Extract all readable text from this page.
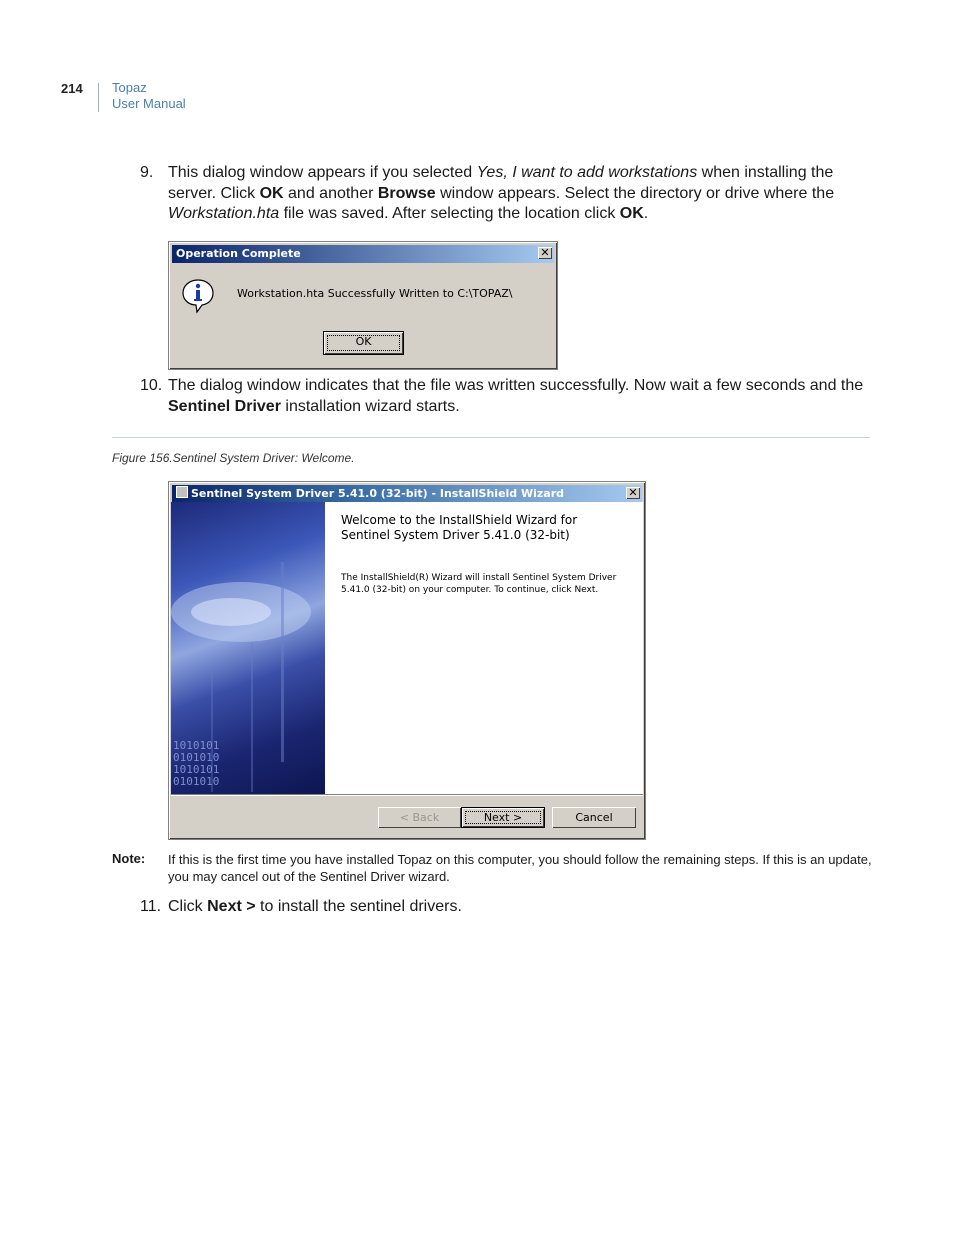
214 Topaz
User Manual
9. This dialog window appears if you selected Yes, I want to add workstations when installing the server. Click OK and another Browse window appears. Select the directory or drive where the Workstation.hta file was saved. After selecting the location click OK.
Operation Complete	✕
Workstation.hta Successfully Written to C:\TOPAZ\
OK
10. The dialog window indicates that the file was written successfully. Now wait a few seconds and the Sentinel Driver installation wizard starts.
Figure 156.Sentinel System Driver: Welcome.
Sentinel System Driver 5.41.0 (32-bit) - InstallShield Wizard	✕
1010101
0101010
1010101
0101010
Welcome to the InstallShield Wizard for
Sentinel System Driver 5.41.0 (32-bit)
The InstallShield(R) Wizard will install Sentinel System Driver
5.41.0 (32-bit) on your computer. To continue, click Next.
< Back	Next >	Cancel
Note: If this is the first time you have installed Topaz on this computer, you should follow the remaining steps. If this is an update, you may cancel out of the Sentinel Driver wizard.
11. Click Next > to install the sentinel drivers.
